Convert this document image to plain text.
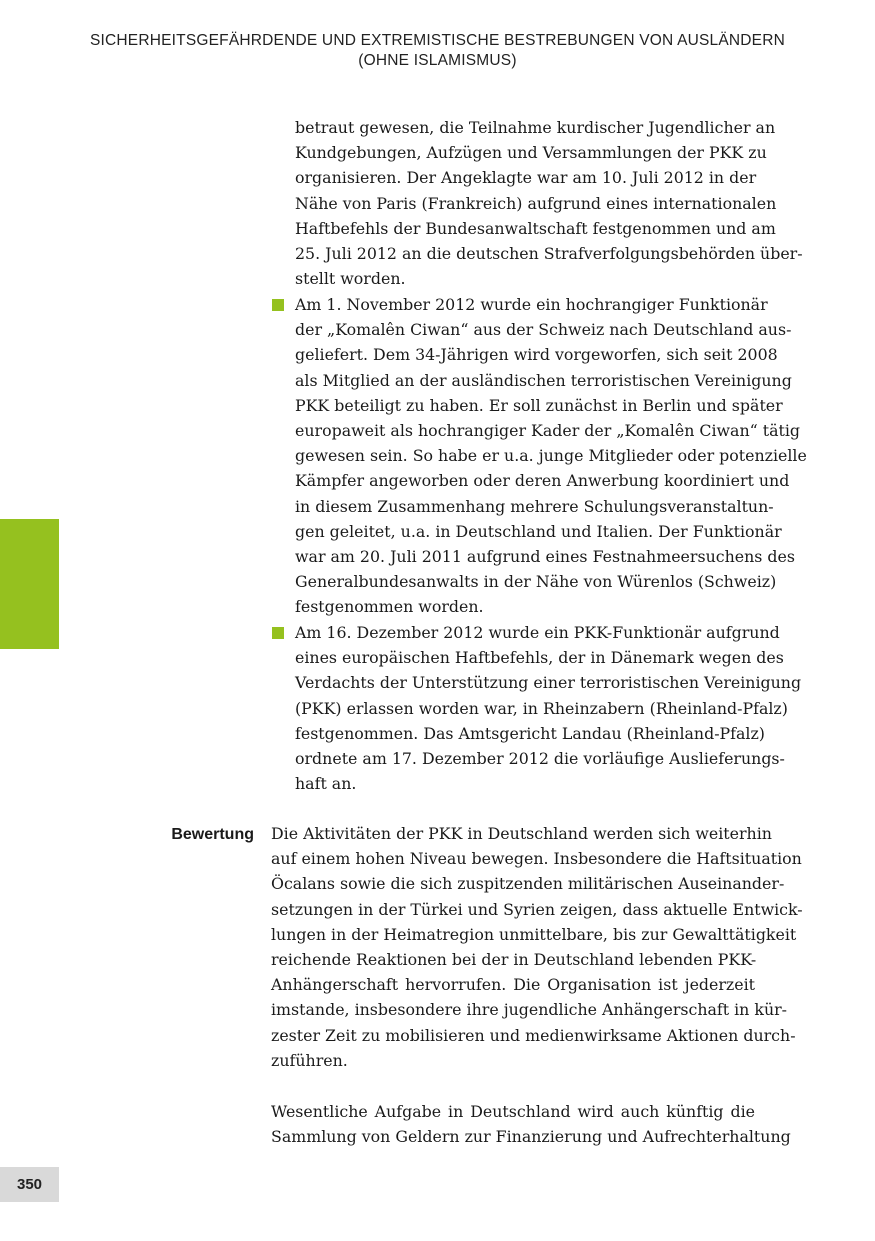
SICHERHEITSGEFÄHRDENDE UND EXTREMISTISCHE BESTREBUNGEN VON AUSLÄNDERN
(OHNE ISLAMISMUS)

betraut gewesen, die Teilnahme kurdischer Jugendlicher an
Kundgebungen, Aufzügen und Versammlungen der PKK zu
organisieren. Der Angeklagte war am 10. Juli 2012 in der
Nähe von Paris (Frankreich) aufgrund eines internationalen
Haftbefehls der Bundesanwaltschaft festgenommen und am
25. Juli 2012 an die deutschen Strafverfolgungsbehörden über-
stellt worden.

Am 1. November 2012 wurde ein hochrangiger Funktionär
der „Komalên Ciwan“ aus der Schweiz nach Deutschland aus-
geliefert. Dem 34-Jährigen wird vorgeworfen, sich seit 2008
als Mitglied an der ausländischen terroristischen Vereinigung
PKK beteiligt zu haben. Er soll zunächst in Berlin und später
europaweit als hochrangiger Kader der „Komalên Ciwan“ tätig
gewesen sein. So habe er u.a. junge Mitglieder oder potenzielle
Kämpfer angeworben oder deren Anwerbung koordiniert und
in diesem Zusammenhang mehrere Schulungsveranstaltun-
gen geleitet, u.a. in Deutschland und Italien. Der Funktionär
war am 20. Juli 2011 aufgrund eines Festnahmeersuchens des
Generalbundesanwalts in der Nähe von Würenlos (Schweiz)
festgenommen worden.

Am 16. Dezember 2012 wurde ein PKK-Funktionär aufgrund
eines europäischen Haftbefehls, der in Dänemark wegen des
Verdachts der Unterstützung einer terroristischen Vereinigung
(PKK) erlassen worden war, in Rheinzabern (Rheinland-Pfalz)
festgenommen. Das Amtsgericht Landau (Rheinland-Pfalz)
ordnete am 17. Dezember 2012 die vorläufige Auslieferungs-
haft an.

Bewertung Die Aktivitäten der PKK in Deutschland werden sich weiterhin
auf einem hohen Niveau bewegen. Insbesondere die Haftsituation
Öcalans sowie die sich zuspitzenden militärischen Auseinander-
setzungen in der Türkei und Syrien zeigen, dass aktuelle Entwick-
lungen in der Heimatregion unmittelbare, bis zur Gewalttätigkeit
reichende Reaktionen bei der in Deutschland lebenden PKK-
Anhängerschaft hervorrufen. Die Organisation ist jederzeit
imstande, insbesondere ihre jugendliche Anhängerschaft in kür-
zester Zeit zu mobilisieren und medienwirksame Aktionen durch-
zuführen.

Wesentliche Aufgabe in Deutschland wird auch künftig die
Sammlung von Geldern zur Finanzierung und Aufrechterhaltung

350
